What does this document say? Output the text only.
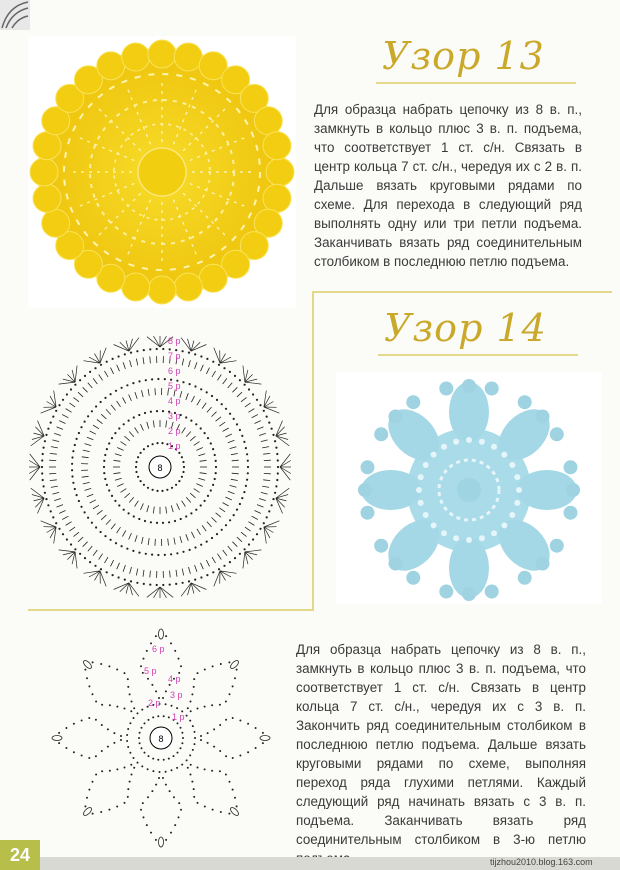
Узор 13
Для образца набрать цепочку из 8 в. п., замкнуть в кольцо плюс 3 в. п. подъема, что соответствует 1 ст. с/н. Связать в центр кольца 7 ст. с/н., чередуя их с 2 в. п. Дальше вязать круговыми рядами по схеме. Для перехода в следующий ряд выполнять одну или три петли подъема. Заканчивать вязать ряд соединительным столбиком в последнюю петлю подъема.
Узор 14
8
8 р
7 р
6 р
5 р
4 р
3 р
2 р
1 р
8
6 р
5 р
4 р
3 р
2 р
1 р
Для образца набрать цепочку из 8 в. п., замкнуть в кольцо плюс 3 в. п. подъема, что соответствует 1 ст. с/н. Связать в центр кольца 7 ст. с/н., чередуя их с 3 в. п. Закончить ряд соединительным столбиком в последнюю петлю подъема. Дальше вязать круговыми рядами по схеме, выполняя переход ряда глухими петлями. Каждый следующий ряд начинать вязать с 3 в. п. подъема. Заканчивать вязать ряд соединительным столбиком в 3-ю петлю
24	tijzhou2010.blog.163.com
